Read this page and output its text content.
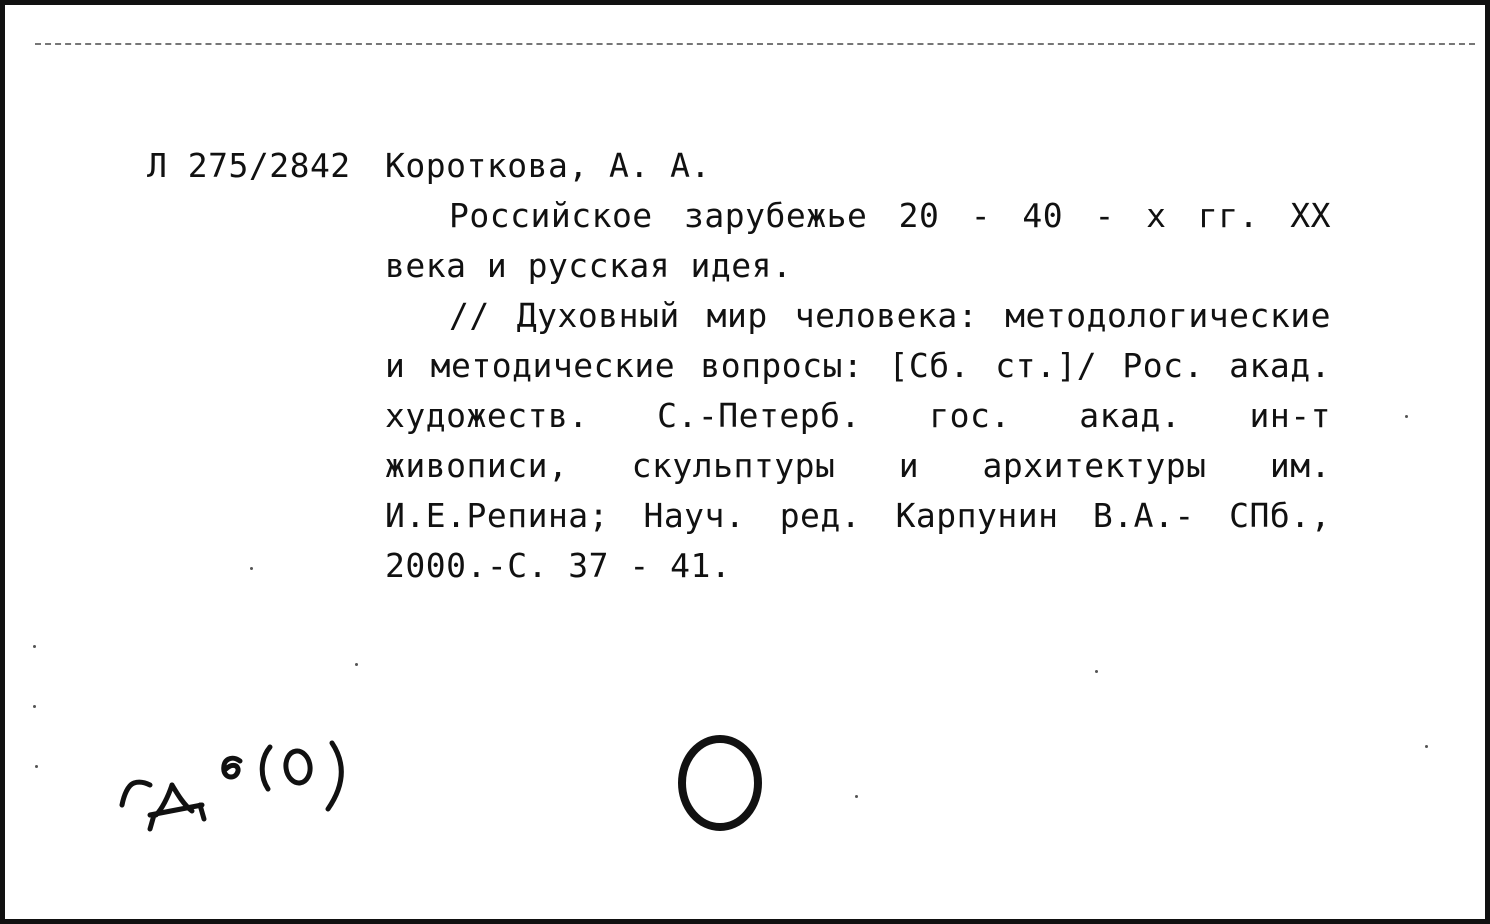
Л 275/2842 Короткова, А. А.

Российское зарубежье 20 - 40 - х гг. XX века и русская идея.

// Духовный мир человека: методологические и методические вопросы: [Сб. ст.]/ Рос. акад. художеств. С.-Петерб. гос. акад. ин-т живописи, скульптуры и архитектуры им. И.Е.Репина; Науч. ред. Карпунин В.А.- СПб., 2000.-С. 37 - 41.
